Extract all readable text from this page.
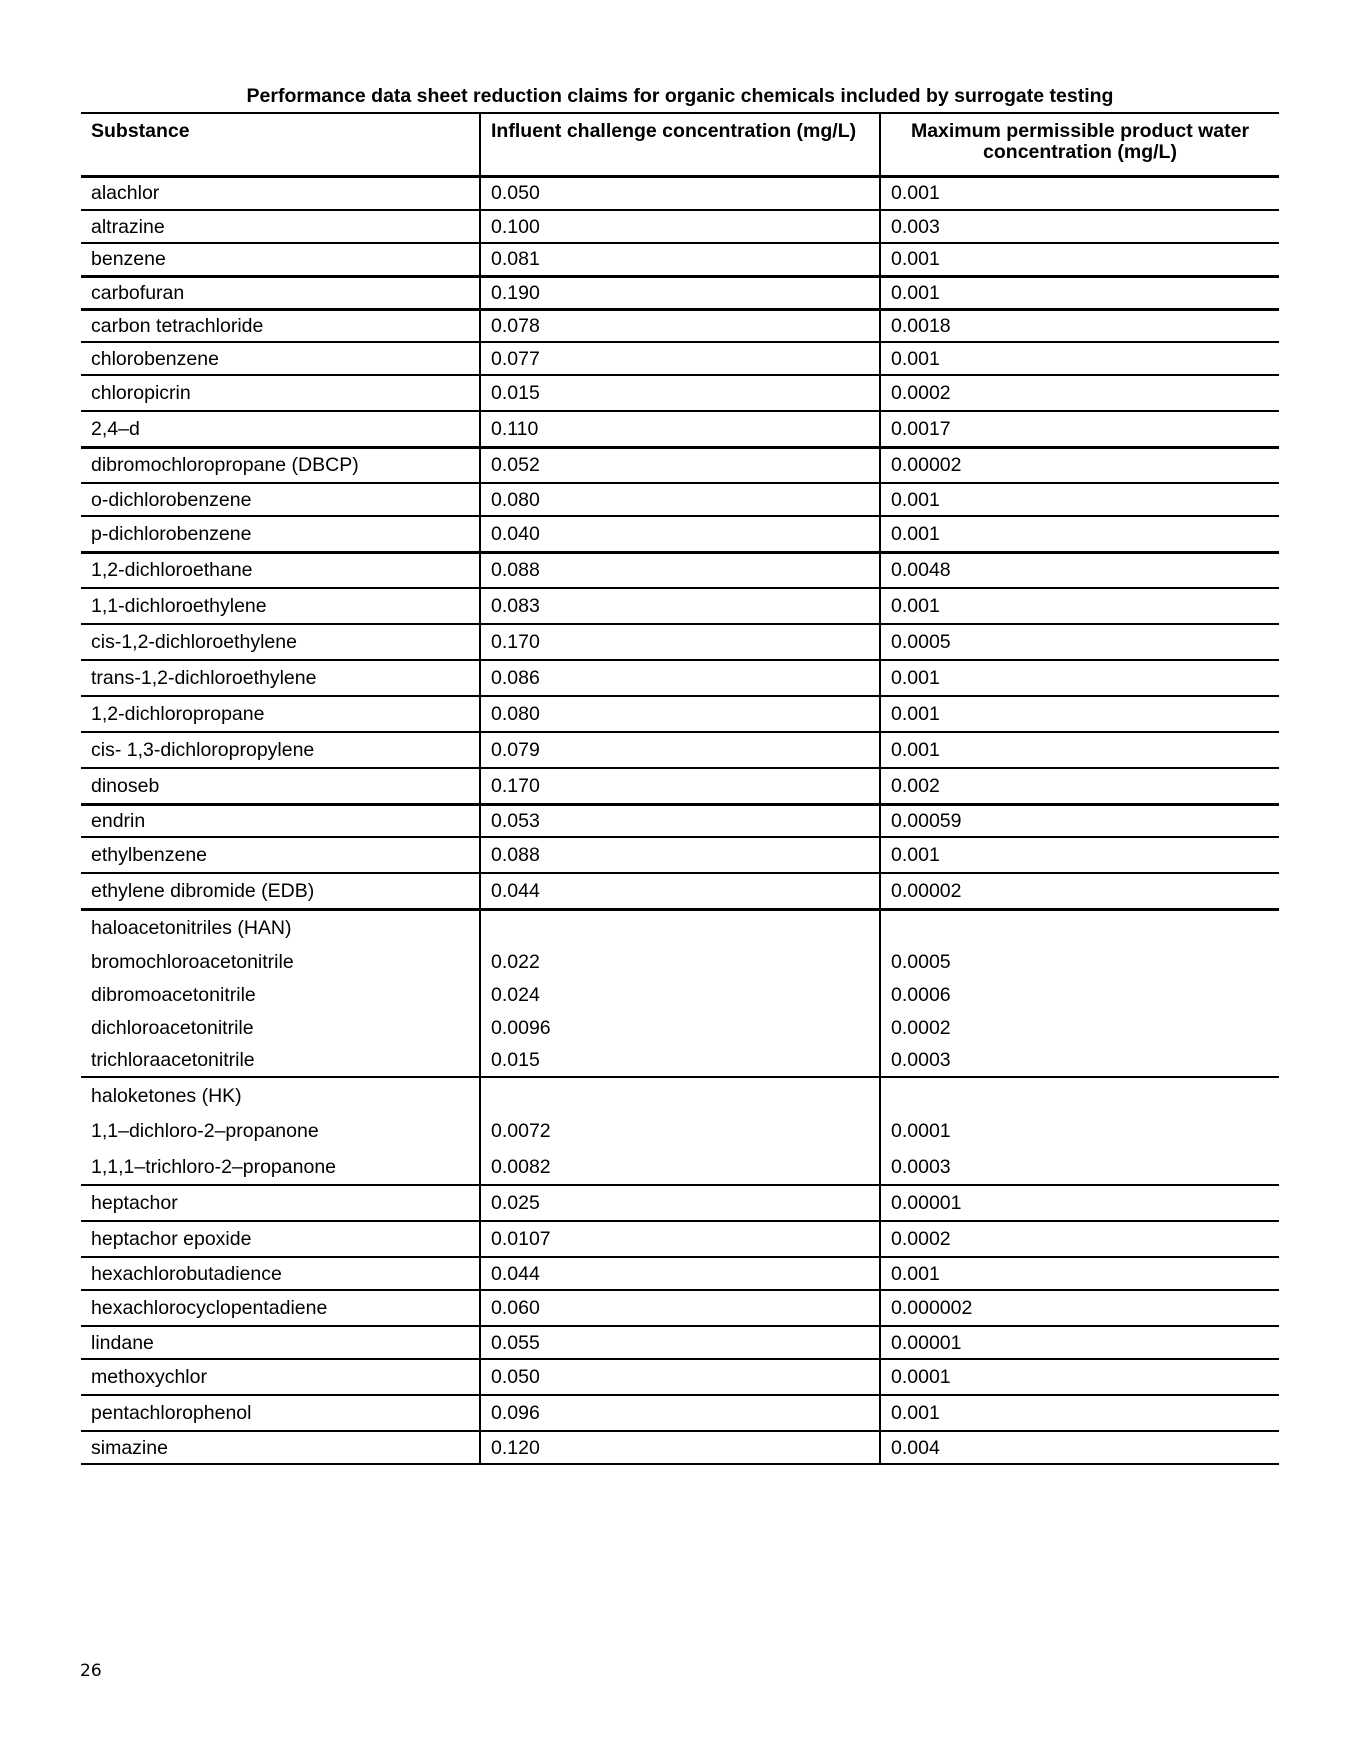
Performance data sheet reduction claims for organic chemicals included by surrogate testing
Substance	Influent challenge concentration (mg/L)	Maximum permissible product water concentration (mg/L)
alachlor	0.050	0.001
altrazine	0.100	0.003
benzene	0.081	0.001
carbofuran	0.190	0.001
carbon tetrachloride	0.078	0.0018
chlorobenzene	0.077	0.001
chloropicrin	0.015	0.0002
2,4–d	0.110	0.0017
dibromochloropropane (DBCP)	0.052	0.00002
o-dichlorobenzene	0.080	0.001
p-dichlorobenzene	0.040	0.001
1,2-dichloroethane	0.088	0.0048
1,1-dichloroethylene	0.083	0.001
cis-1,2-dichloroethylene	0.170	0.0005
trans-1,2-dichloroethylene	0.086	0.001
1,2-dichloropropane	0.080	0.001
cis- 1,3-dichloropropylene	0.079	0.001
dinoseb	0.170	0.002
endrin	0.053	0.00059
ethylbenzene	0.088	0.001
ethylene dibromide (EDB)	0.044	0.00002
haloacetonitriles (HAN)		
bromochloroacetonitrile	0.022	0.0005
dibromoacetonitrile	0.024	0.0006
dichloroacetonitrile	0.0096	0.0002
trichloraacetonitrile	0.015	0.0003
haloketones (HK)		
1,1–dichloro-2–propanone	0.0072	0.0001
1,1,1–trichloro-2–propanone	0.0082	0.0003
heptachor	0.025	0.00001
heptachor epoxide	0.0107	0.0002
hexachlorobutadience	0.044	0.001
hexachlorocyclopentadiene	0.060	0.000002
lindane	0.055	0.00001
methoxychlor	0.050	0.0001
pentachlorophenol	0.096	0.001
simazine	0.120	0.004

26
